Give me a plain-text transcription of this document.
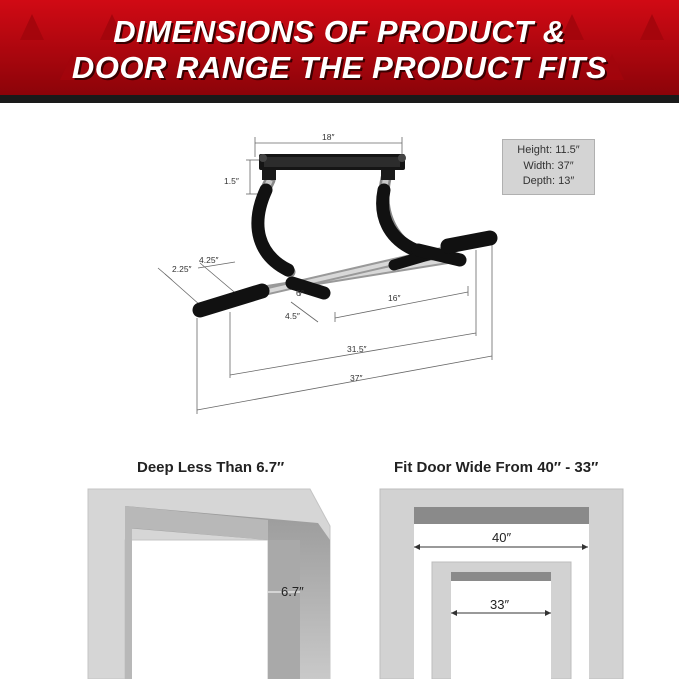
DIMENSIONS OF PRODUCT &
DOOR RANGE THE PRODUCT FITS
Height: 11.5″
Width: 37″
Depth: 13″
18″
1.5″
2.25″
4.25″
6°
4.5″
16″
31.5″
37″
Deep Less Than 6.7″	Fit Door Wide From 40″ - 33″
6.7″
40″
33″
